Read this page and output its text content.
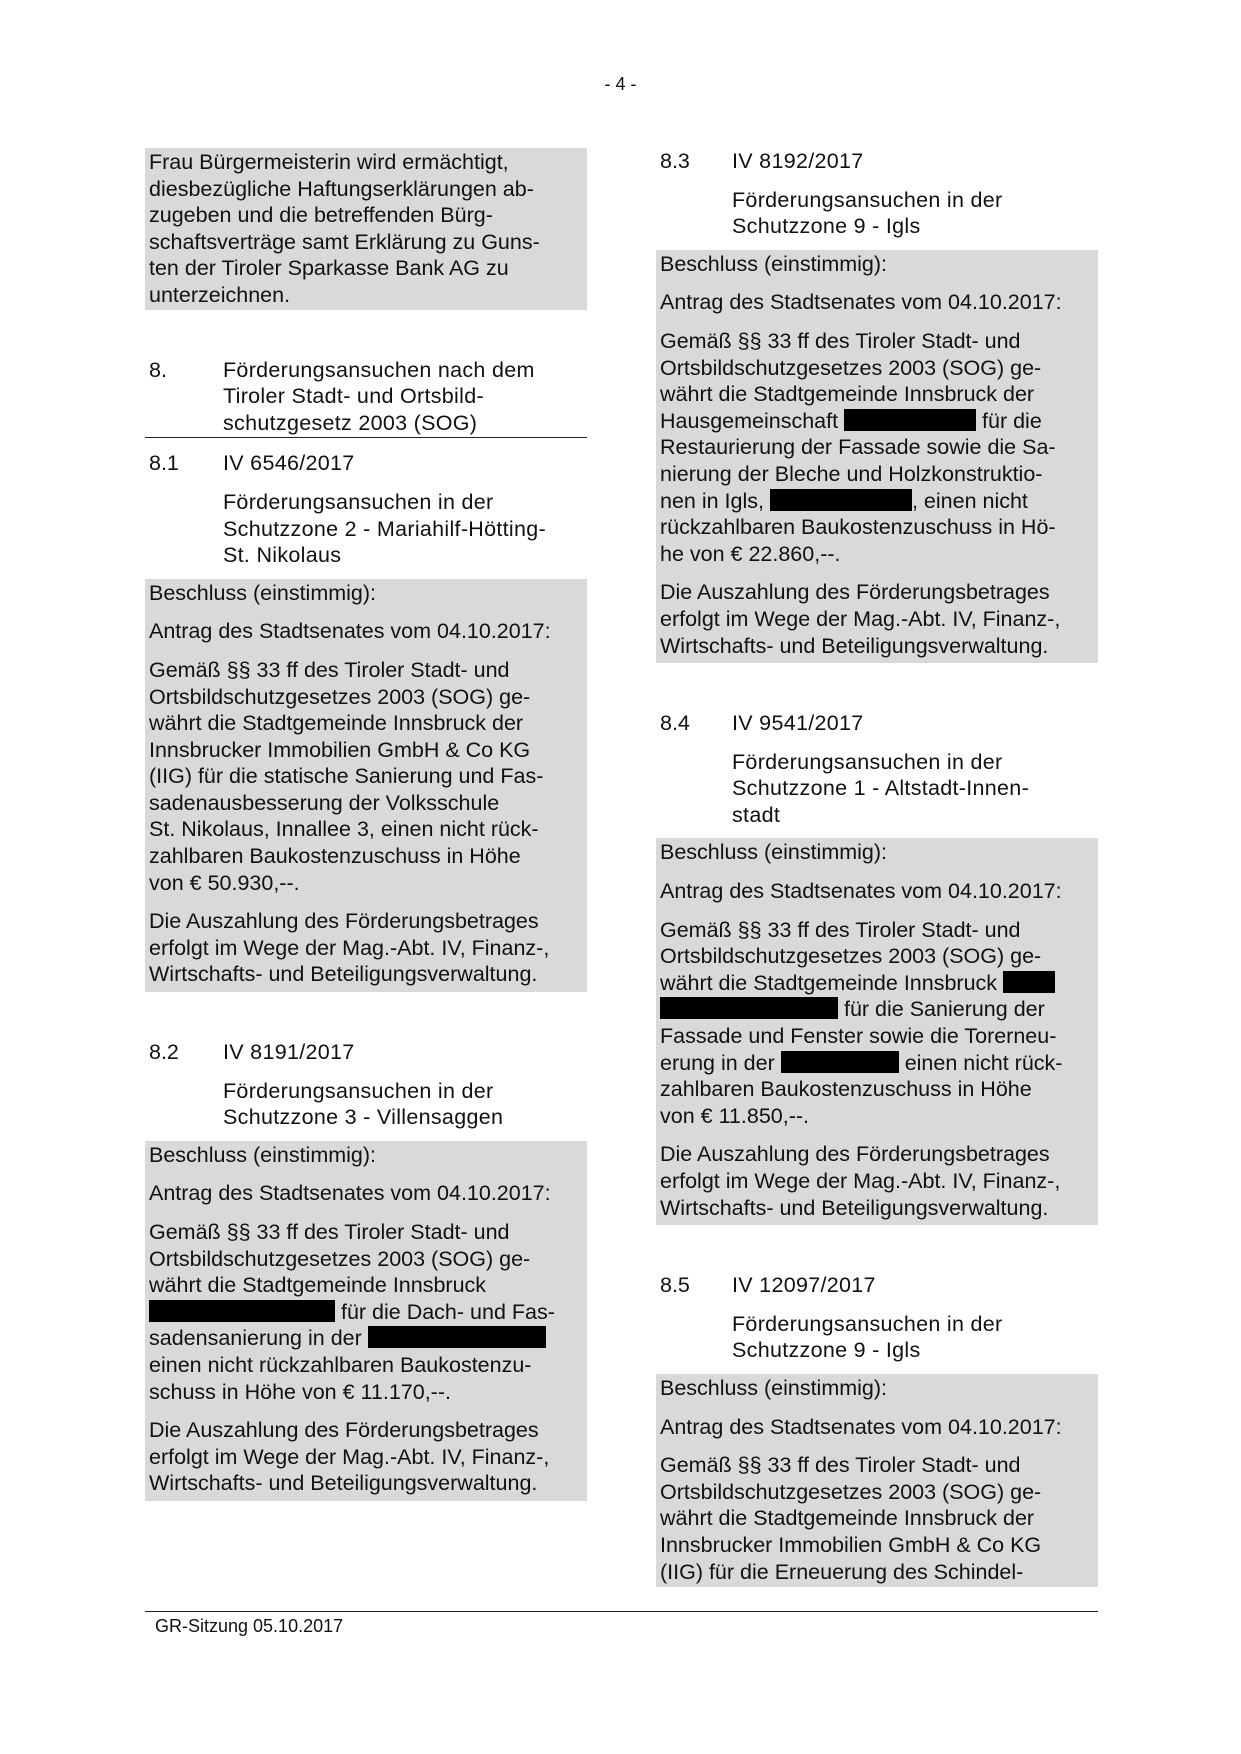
- 4 -

Frau Bürgermeisterin wird ermächtigt,

diesbezügliche Haftungserklärungen ab-

zugeben und die betreffenden Bürg-

schaftsverträge samt Erklärung zu Guns-

ten der Tiroler Sparkasse Bank AG zu

unterzeichnen.

8.	Förderungsansuchen nach dem
Tiroler Stadt- und Ortsbild-
schutzgesetz 2003 (SOG)
8.1 IV 6546/2017
Förderungsansuchen in der
Schutzzone 2 - Mariahilf-Hötting-
St. Nikolaus

Beschluss (einstimmig):

Antrag des Stadtsenates vom 04.10.2017:

Gemäß §§ 33 ff des Tiroler Stadt- und

Ortsbildschutzgesetzes 2003 (SOG) ge-

währt die Stadtgemeinde Innsbruck der

Innsbrucker Immobilien GmbH & Co KG

(IIG) für die statische Sanierung und Fas-

sadenausbesserung der Volksschule

St. Nikolaus, Innallee 3, einen nicht rück-

zahlbaren Baukostenzuschuss in Höhe

von € 50.930,--.

Die Auszahlung des Förderungsbetrages

erfolgt im Wege der Mag.-Abt. IV, Finanz-,

Wirtschafts- und Beteiligungsverwaltung.

8.2 IV 8191/2017
Förderungsansuchen in der
Schutzzone 3 - Villensaggen

Beschluss (einstimmig):

Antrag des Stadtsenates vom 04.10.2017:

Gemäß §§ 33 ff des Tiroler Stadt- und

Ortsbildschutzgesetzes 2003 (SOG) ge-

währt die Stadtgemeinde Innsbruck

für die Dach- und Fas-

sadensanierung in der

einen nicht rückzahlbaren Baukostenzu-

schuss in Höhe von € 11.170,--.

Die Auszahlung des Förderungsbetrages

erfolgt im Wege der Mag.-Abt. IV, Finanz-,

Wirtschafts- und Beteiligungsverwaltung.

8.3 IV 8192/2017
Förderungsansuchen in der
Schutzzone 9 - Igls

Beschluss (einstimmig):

Antrag des Stadtsenates vom 04.10.2017:

Gemäß §§ 33 ff des Tiroler Stadt- und

Ortsbildschutzgesetzes 2003 (SOG) ge-

währt die Stadtgemeinde Innsbruck der

Hausgemeinschaft	für die

Restaurierung der Fassade sowie die Sa-

nierung der Bleche und Holzkonstruktio-

nen in Igls,	, einen nicht

rückzahlbaren Baukostenzuschuss in Hö-

he von € 22.860,--.

Die Auszahlung des Förderungsbetrages

erfolgt im Wege der Mag.-Abt. IV, Finanz-,

Wirtschafts- und Beteiligungsverwaltung.

8.4 IV 9541/2017
Förderungsansuchen in der
Schutzzone 1 - Altstadt-Innen-
stadt

Beschluss (einstimmig):

Antrag des Stadtsenates vom 04.10.2017:

Gemäß §§ 33 ff des Tiroler Stadt- und

Ortsbildschutzgesetzes 2003 (SOG) ge-

währt die Stadtgemeinde Innsbruck

für die Sanierung der

Fassade und Fenster sowie die Torerneu-

erung in der	einen nicht rück-

zahlbaren Baukostenzuschuss in Höhe

von € 11.850,--.

Die Auszahlung des Förderungsbetrages

erfolgt im Wege der Mag.-Abt. IV, Finanz-,

Wirtschafts- und Beteiligungsverwaltung.

8.5 IV 12097/2017
Förderungsansuchen in der
Schutzzone 9 - Igls

Beschluss (einstimmig):

Antrag des Stadtsenates vom 04.10.2017:

Gemäß §§ 33 ff des Tiroler Stadt- und

Ortsbildschutzgesetzes 2003 (SOG) ge-

währt die Stadtgemeinde Innsbruck der

Innsbrucker Immobilien GmbH & Co KG

(IIG) für die Erneuerung des Schindel-

GR-Sitzung 05.10.2017
